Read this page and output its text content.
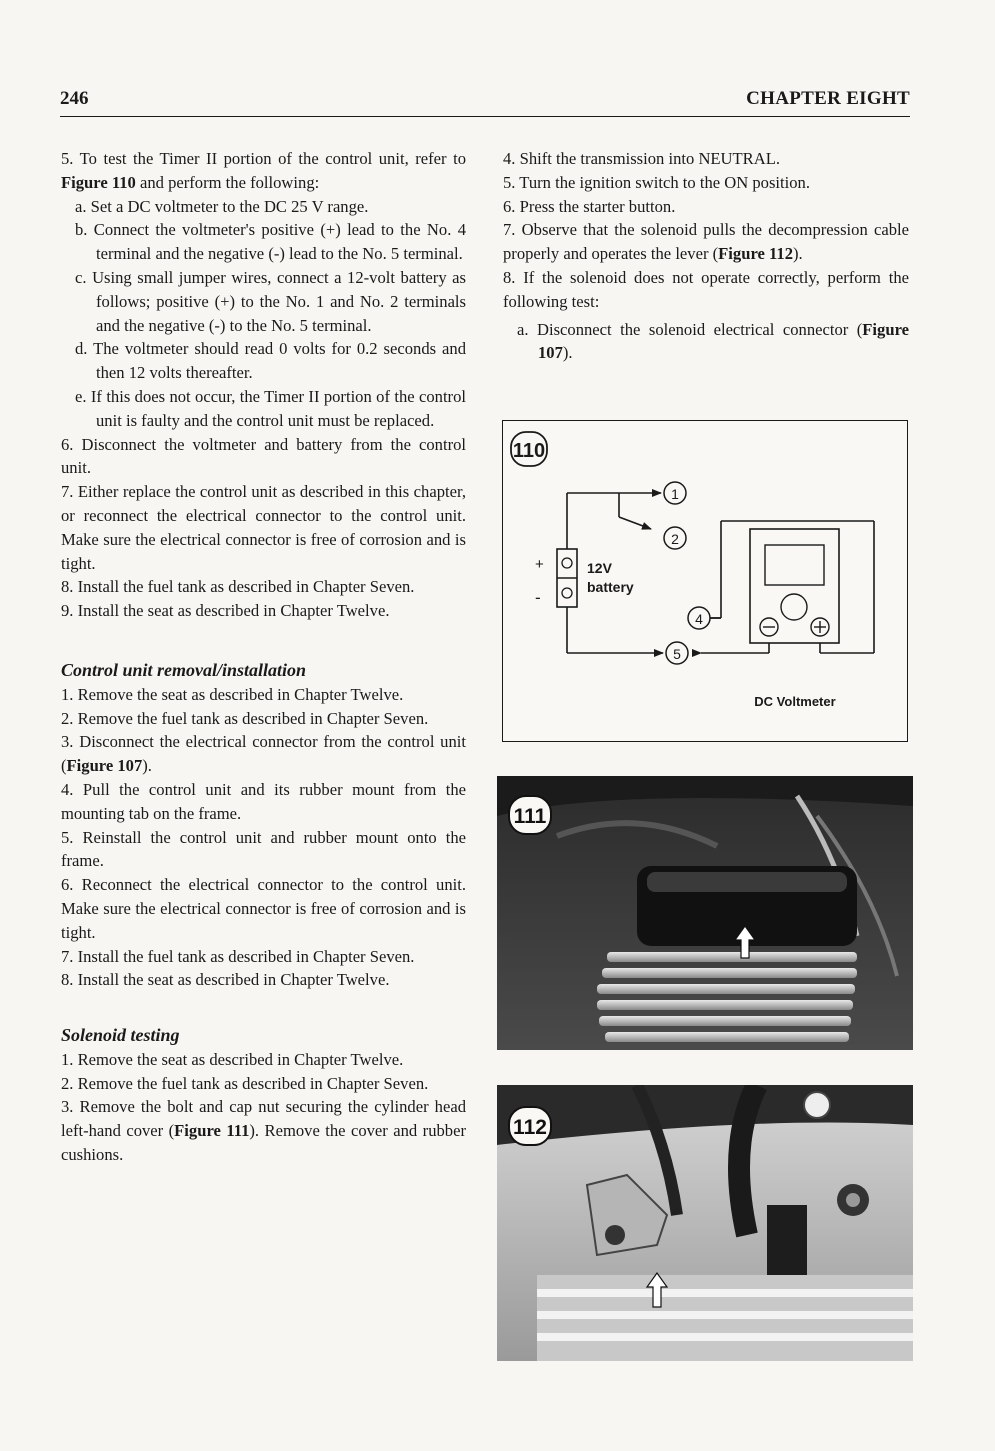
246	CHAPTER EIGHT

5. To test the Timer II portion of the control unit, refer to Figure 110 and perform the following:

a. Set a DC voltmeter to the DC 25 V range.

b. Connect the voltmeter's positive (+) lead to the No. 4 terminal and the negative (-) lead to the No. 5 terminal.

c. Using small jumper wires, connect a 12-volt battery as follows; positive (+) to the No. 1 and No. 2 terminals and the negative (-) to the No. 5 terminal.

d. The voltmeter should read 0 volts for 0.2 seconds and then 12 volts thereafter.

e. If this does not occur, the Timer II portion of the control unit is faulty and the control unit must be replaced.

6. Disconnect the voltmeter and battery from the control unit.

7. Either replace the control unit as described in this chapter, or reconnect the electrical connector to the control unit. Make sure the electrical connector is free of corrosion and is tight.

8. Install the fuel tank as described in Chapter Seven.

9. Install the seat as described in Chapter Twelve.

Control unit removal/installation

1. Remove the seat as described in Chapter Twelve.

2. Remove the fuel tank as described in Chapter Seven.

3. Disconnect the electrical connector from the control unit (Figure 107).

4. Pull the control unit and its rubber mount from the mounting tab on the frame.

5. Reinstall the control unit and rubber mount onto the frame.

6. Reconnect the electrical connector to the control unit. Make sure the electrical connector is free of corrosion and is tight.

7. Install the fuel tank as described in Chapter Seven.

8. Install the seat as described in Chapter Twelve.

Solenoid testing

1. Remove the seat as described in Chapter Twelve.

2. Remove the fuel tank as described in Chapter Seven.

3. Remove the bolt and cap nut securing the cylinder head left-hand cover (Figure 111). Remove the cover and rubber cushions.

4. Shift the transmission into NEUTRAL.

5. Turn the ignition switch to the ON position.

6. Press the starter button.

7. Observe that the solenoid pulls the decompression cable properly and operates the lever (Figure 112).

8. If the solenoid does not operate correctly, perform the following test:

a. Disconnect the solenoid electrical connector (Figure 107).

110
+
-
12V
battery
1
2
4
5
DC Voltmeter
111
112
